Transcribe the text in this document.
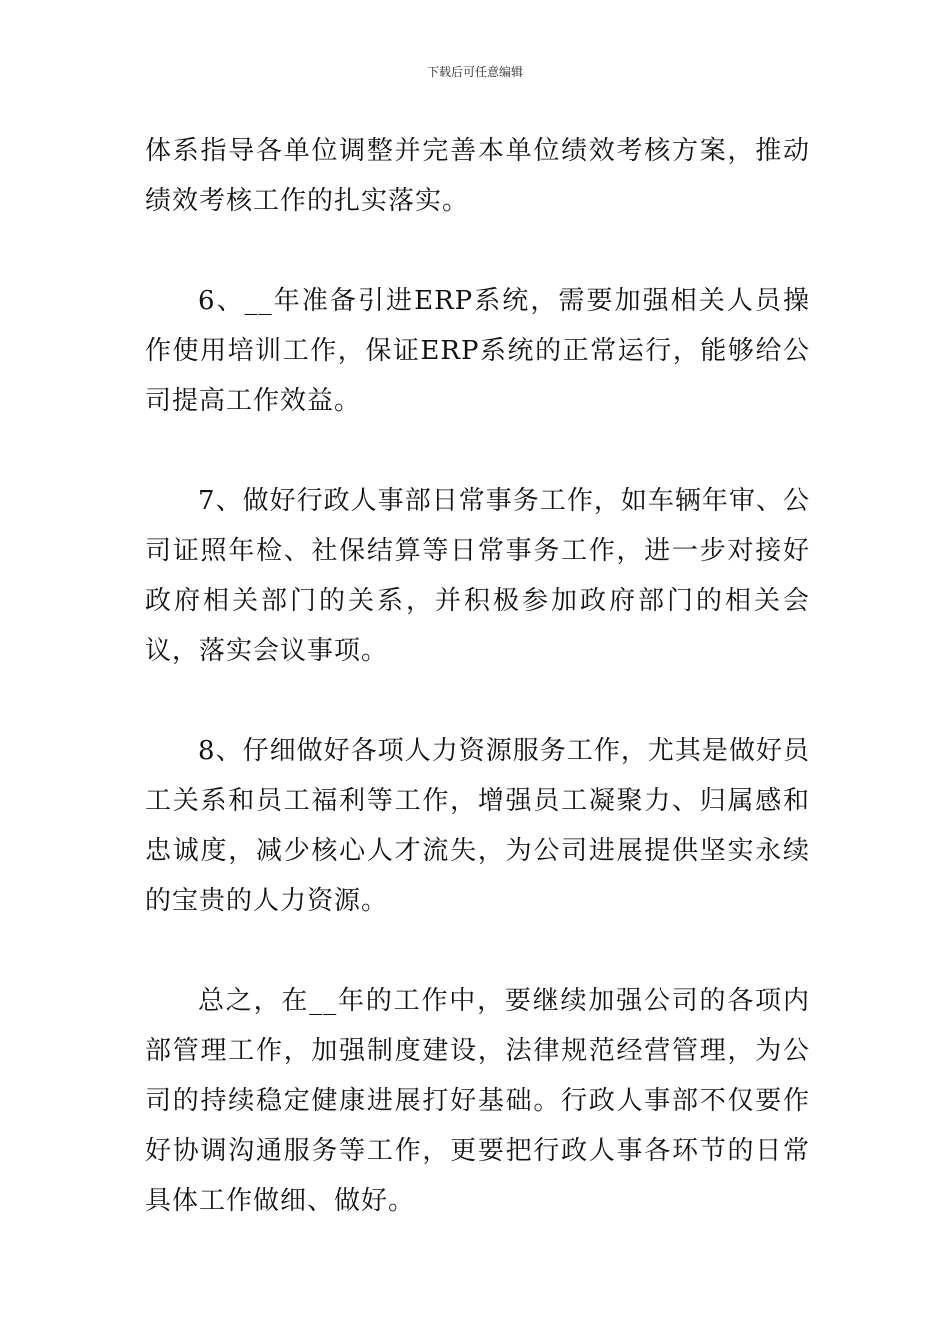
下载后可任意编辑

体系指导各单位调整并完善本单位绩效考核方案，推动绩效考核工作的扎实落实。

6、__年准备引进ERP系统，需要加强相关人员操作使用培训工作，保证ERP系统的正常运行，能够给公司提高工作效益。

7、做好行政人事部日常事务工作，如车辆年审、公司证照年检、社保结算等日常事务工作，进一步对接好政府相关部门的关系，并积极参加政府部门的相关会议，落实会议事项。

8、仔细做好各项人力资源服务工作，尤其是做好员工关系和员工福利等工作，增强员工凝聚力、归属感和忠诚度，减少核心人才流失，为公司进展提供坚实永续的宝贵的人力资源。

总之，在__年的工作中，要继续加强公司的各项内部管理工作，加强制度建设，法律规范经营管理，为公司的持续稳定健康进展打好基础。行政人事部不仅要作好协调沟通服务等工作，更要把行政人事各环节的日常具体工作做细、做好。
